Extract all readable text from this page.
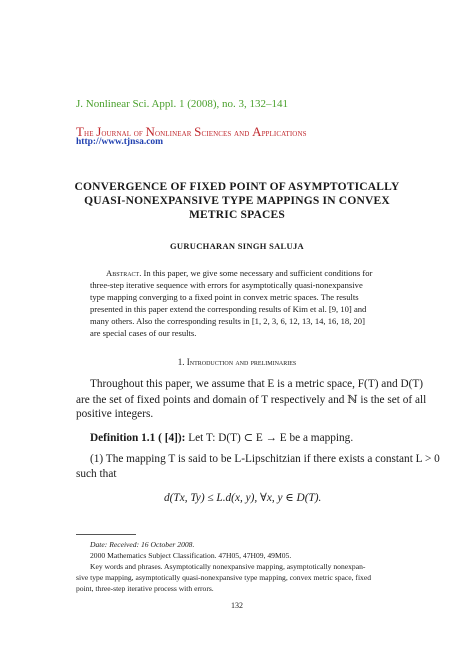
J. Nonlinear Sci. Appl. 1 (2008), no. 3, 132–141
The Journal of Nonlinear Sciences and Applications
http://www.tjnsa.com
CONVERGENCE OF FIXED POINT OF ASYMPTOTICALLY
QUASI-NONEXPANSIVE TYPE MAPPINGS IN CONVEX
METRIC SPACES
GURUCHARAN SINGH SALUJA
Abstract. In this paper, we give some necessary and sufficient conditions for
three-step iterative sequence with errors for asymptotically quasi-nonexpansive
type mapping converging to a fixed point in convex metric spaces. The results
presented in this paper extend the corresponding results of Kim et al. [9, 10] and
many others. Also the corresponding results in [1, 2, 3, 6, 12, 13, 14, 16, 18, 20]
are special cases of our results.
1. Introduction and preliminaries
Throughout this paper, we assume that E is a metric space, F(T) and D(T)
are the set of fixed points and domain of T respectively and ℕ is the set of all
positive integers.
Definition 1.1 ( [4]): Let T: D(T) ⊂ E → E be a mapping.
(1) The mapping T is said to be L-Lipschitzian if there exists a constant L > 0
such that
d(Tx, Ty) ≤ L.d(x, y), ∀x, y ∈ D(T).
Date: Received: 16 October 2008.
2000 Mathematics Subject Classification. 47H05, 47H09, 49M05.
Key words and phrases. Asymptotically nonexpansive mapping, asymptotically nonexpan-
sive type mapping, asymptotically quasi-nonexpansive type mapping, convex metric space, fixed
point, three-step iterative process with errors.
132
